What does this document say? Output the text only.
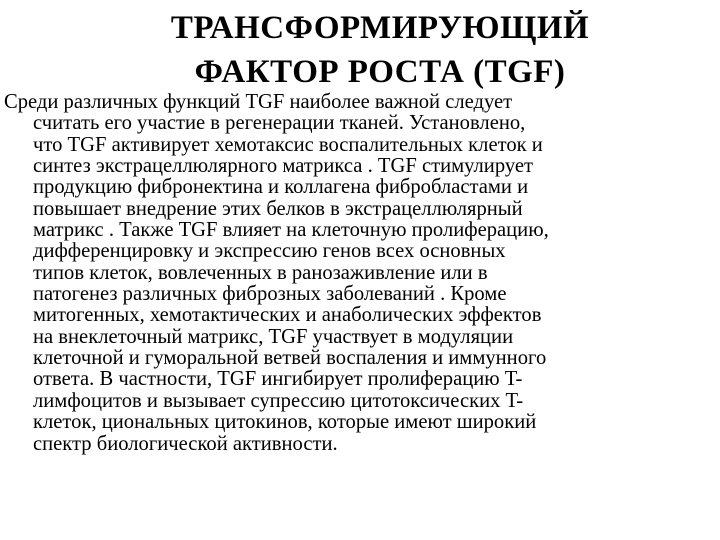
ТРАНСФОРМИРУЮЩИЙ
ФАКТОР РОСТА (TGF)
Среди различных функций TGF наиболее важной следует
считать его участие в регенерации тканей. Установлено,
что TGF активирует хемотаксис воспалительных клеток и
синтез экстрацеллюлярного матрикса . TGF стимулирует
продукцию фибронектина и коллагена фибробластами и
повышает внедрение этих белков в экстрацеллюлярный
матрикс . Также TGF влияет на клеточную пролиферацию,
дифференцировку и экспрессию генов всех основных
типов клеток, вовлеченных в ранозаживление или в
патогенез различных фиброзных заболеваний . Кроме
митогенных, хемотактических и анаболических эффектов
на внеклеточный матрикс, TGF участвует в модуляции
клеточной и гуморальной ветвей воспаления и иммунного
ответа. В частности, TGF ингибирует пролиферацию T-
лимфоцитов и вызывает супрессию цитотоксических T-
клеток, циональных цитокинов, которые имеют широкий
спектр биологической активности.
